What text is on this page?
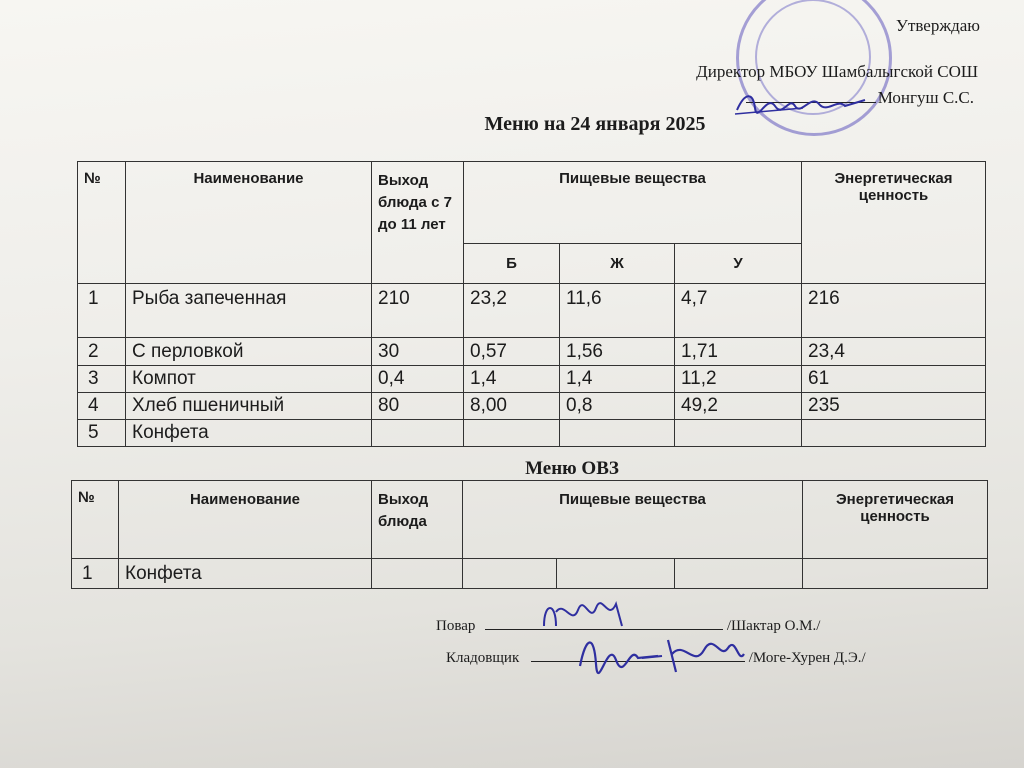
Утверждаю
Директор МБОУ Шамбалыгской СОШ
Монгуш С.С.
Меню на 24 января 2025
№	Наименование	Выход блюда с 7 до 11 лет	Пищевые вещества			Энергетическая ценность
			Б	Ж	У	
1	Рыба запеченная	210	23,2	11,6	4,7	216
2	С перловкой	30	0,57	1,56	1,71	23,4
3	Компот	0,4	1,4	1,4	11,2	61
4	Хлеб пшеничный	80	8,00	0,8	49,2	235
5	Конфета					
Меню ОВЗ
№	Наименование	Выход блюда	Пищевые вещества			Энергетическая ценность
1	Конфета					
Повар	/Шактар О.М./
Кладовщик	/Моге-Хурен Д.Э./
